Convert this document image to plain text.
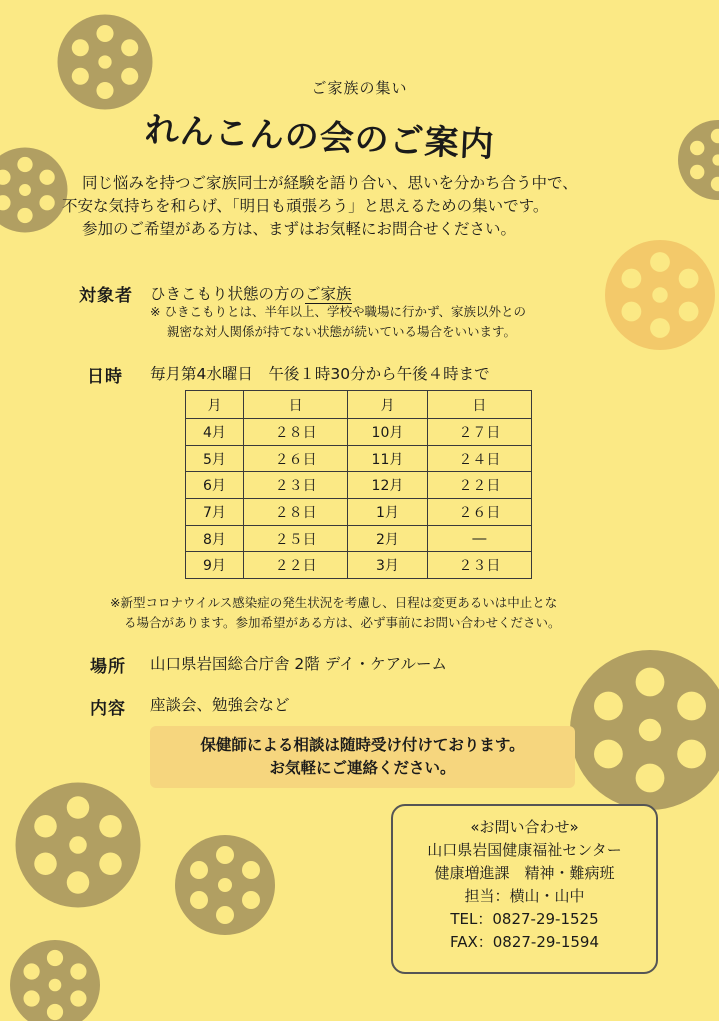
ご家族の集い
れんこんの会のご案内
同じ悩みを持つご家族同士が経験を語り合い、思いを分かち合う中で、
不安な気持ちを和らげ、「明日も頑張ろう」と思えるための集いです。
参加のご希望がある方は、まずはお気軽にお問合せください。
対象者 ひきこもり状態の方のご家族
※ ひきこもりとは、半年以上、学校や職場に行かず、家族以外との
親密な対人関係が持てない状態が続いている場合をいいます。
日時 毎月第4水曜日　午後１時30分から午後４時まで
月	日	月	日
4月	２８日	10月	２７日
5月	２６日	11月	２４日
6月	２３日	12月	２２日
7月	２８日	1月	２６日
8月	２５日	2月	―
9月	２２日	3月	２３日
※新型コロナウイルス感染症の発生状況を考慮し、日程は変更あるいは中止とな
る場合があります。参加希望がある方は、必ず事前にお問い合わせください。
場所 山口県岩国総合庁舎 2階 デイ・ケアルーム
内容 座談会、勉強会など
保健師による相談は随時受け付けております。
お気軽にご連絡ください。
«お問い合わせ»
山口県岩国健康福祉センター
健康増進課　精神・難病班
担当：横山・山中
TEL：0827-29-1525
FAX：0827-29-1594
